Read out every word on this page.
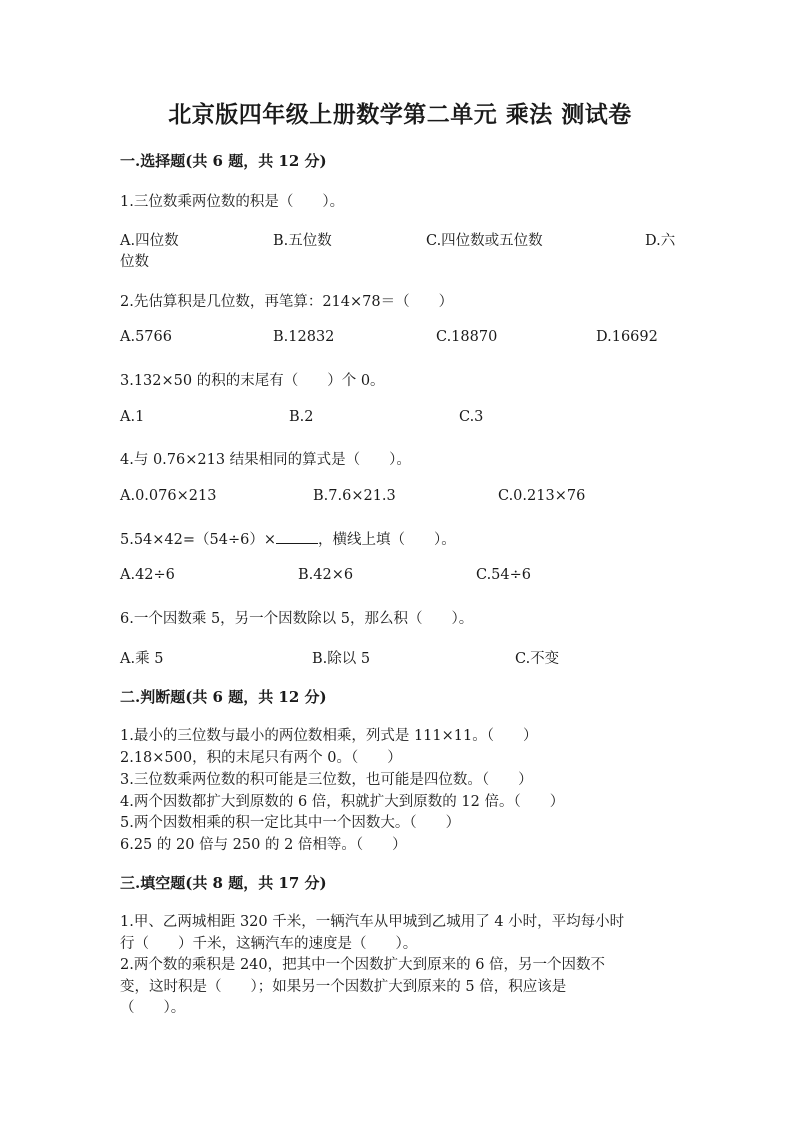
北京版四年级上册数学第二单元 乘法 测试卷
一.选择题(共 6 题，共 12 分)
1.三位数乘两位数的积是（　　）。
A.四位数	B.五位数	C.四位数或五位数	D.六
位数
2.先估算积是几位数，再笔算：214×78＝（　　）
A.5766	B.12832	C.18870	D.16692
3.132×50 的积的末尾有（　　）个 0。
A.1	B.2	C.3
4.与 0.76×213 结果相同的算式是（　　）。
A.0.076×213	B.7.6×21.3	C.0.213×76
5.54×42=（54÷6）×	，横线上填（　　）。
A.42÷6	B.42×6	C.54÷6
6.一个因数乘 5，另一个因数除以 5，那么积（　　）。
A.乘 5	B.除以 5	C.不变
二.判断题(共 6 题，共 12 分)
1.最小的三位数与最小的两位数相乘，列式是 111×11。（　　）
2.18×500，积的末尾只有两个 0。（　　）
3.三位数乘两位数的积可能是三位数，也可能是四位数。（　　）
4.两个因数都扩大到原数的 6 倍，积就扩大到原数的 12 倍。（　　）
5.两个因数相乘的积一定比其中一个因数大。（　　）
6.25 的 20 倍与 250 的 2 倍相等。（　　）
三.填空题(共 8 题，共 17 分)
1.甲、乙两城相距 320 千米，一辆汽车从甲城到乙城用了 4 小时，平均每小时
行（　　）千米，这辆汽车的速度是（　　）。
2.两个数的乘积是 240，把其中一个因数扩大到原来的 6 倍，另一个因数不
变，这时积是（　　）；如果另一个因数扩大到原来的 5 倍，积应该是
（　　）。
